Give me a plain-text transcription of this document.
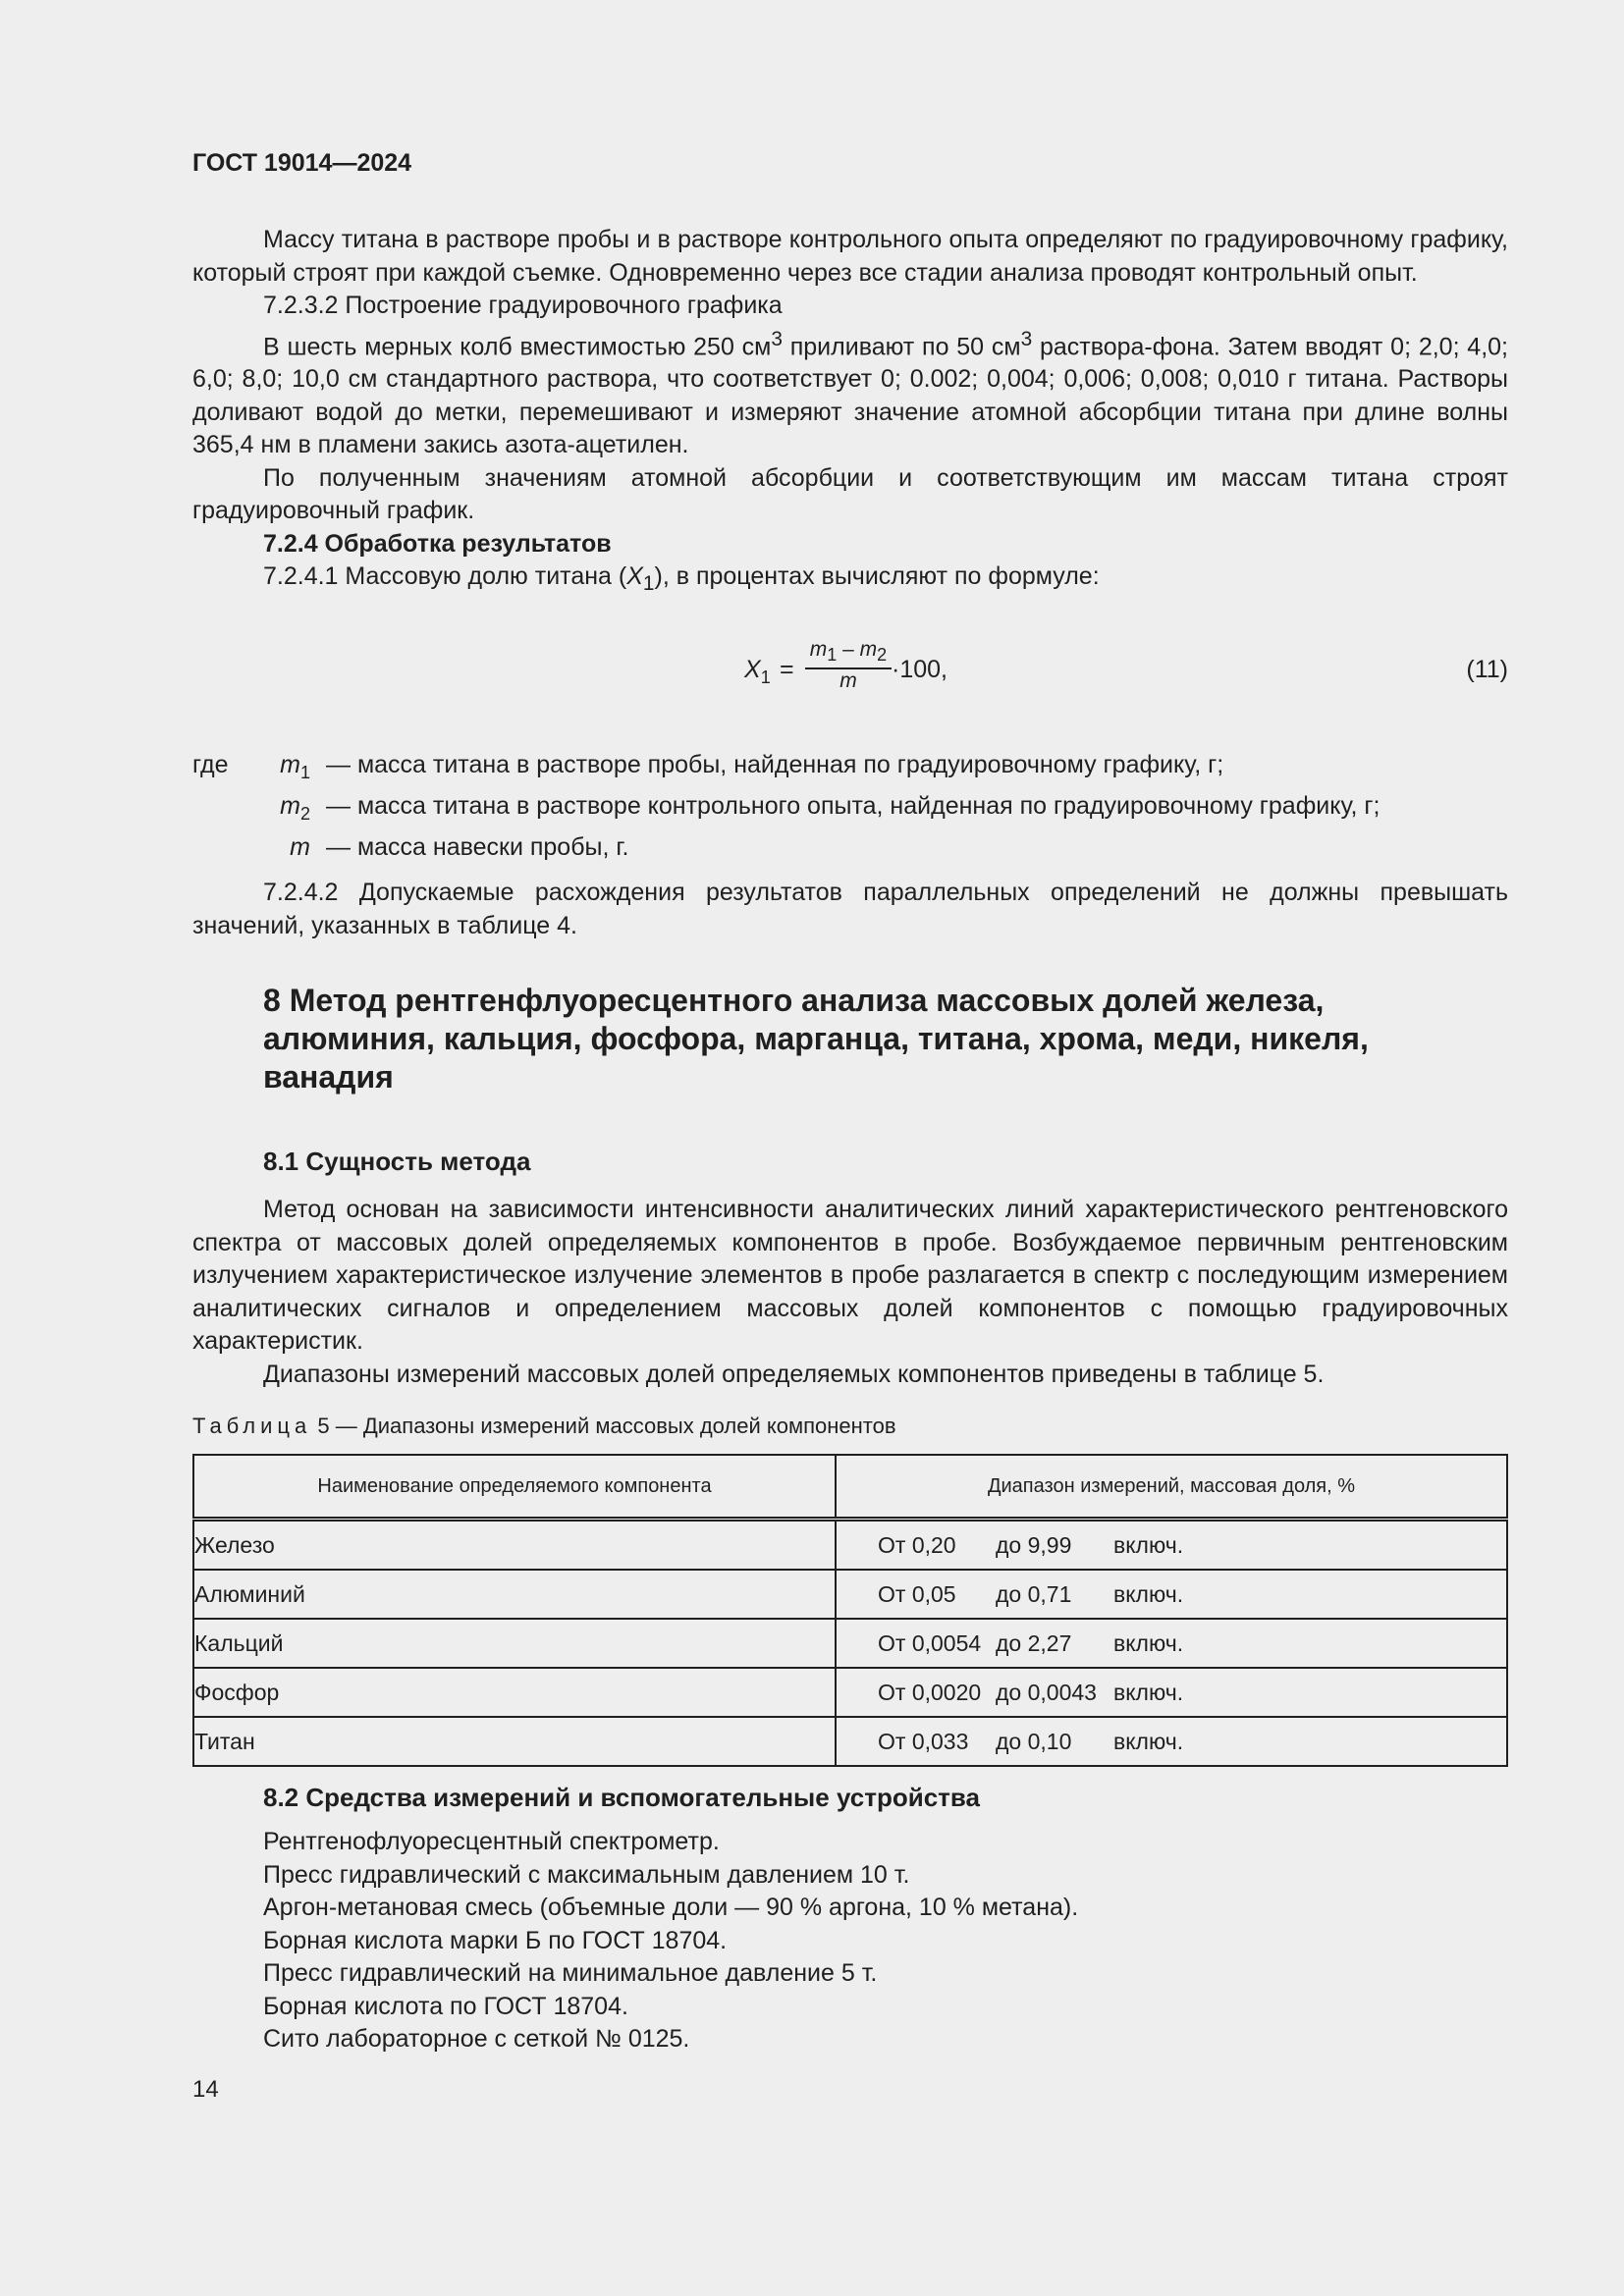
ГОСТ 19014—2024

Массу титана в растворе пробы и в растворе контрольного опыта определяют по градуировочному графику, который строят при каждой съемке. Одновременно через все стадии анализа проводят контрольный опыт.

7.2.3.2 Построение градуировочного графика

В шесть мерных колб вместимостью 250 $см^3$ приливают по 50 $см^3$ раствора-фона. Затем вводят 0; 2,0; 4,0; 6,0; 8,0; 10,0 см стандартного раствора, что соответствует 0; 0.002; 0,004; 0,006; 0,008; 0,010 г титана. Растворы доливают водой до метки, перемешивают и измеряют значение атомной абсорбции титана при длине волны 365,4 нм в пламени закись азота-ацетилен.

По полученным значениям атомной абсорбции и соответствующим им массам титана строят градуировочный график.

7.2.4 Обработка результатов

7.2.4.1 Массовую долю титана $(X_1)$, в процентах вычисляют по формуле:

$X_1 = \frac{m_1 - m_2}{m} \cdot 100$,	(11)
где	$m_1$ — масса титана в растворе пробы, найденная по градуировочному графику, г;
$m_2$ — масса титана в растворе контрольного опыта, найденная по градуировочному графику, г;
m — масса навески пробы, г.

7.2.4.2 Допускаемые расхождения результатов параллельных определений не должны превышать значений, указанных в таблице 4.

8 Метод рентгенфлуоресцентного анализа массовых долей железа, алюминия, кальция, фосфора, марганца, титана, хрома, меди, никеля, ванадия
8.1 Сущность метода

Метод основан на зависимости интенсивности аналитических линий характеристического рентгеновского спектра от массовых долей определяемых компонентов в пробе. Возбуждаемое первичным рентгеновским излучением характеристическое излучение элементов в пробе разлагается в спектр с последующим измерением аналитических сигналов и определением массовых долей компонентов с помощью градуировочных характеристик.

Диапазоны измерений массовых долей определяемых компонентов приведены в таблице 5.

Таблица 5 — Диапазоны измерений массовых долей компонентов
Наименование определяемого компонента	Диапазон измерений, массовая доля, %
Железо	От 0,20 до 9,99 включ.

Алюминий	От 0,05 до 0,71 включ.

Кальций	От 0,0054 до 2,27 включ.

Фосфор	От 0,0020 до 0,0043 включ.

Титан	От 0,033 до 0,10 включ.
8.2 Средства измерений и вспомогательные устройства
Рентгенофлуоресцентный спектрометр.
Пресс гидравлический с максимальным давлением 10 т.
Аргон-метановая смесь (объемные доли — 90 % аргона, 10 % метана).
Борная кислота марки Б по ГОСТ 18704.
Пресс гидравлический на минимальное давление 5 т.
Борная кислота по ГОСТ 18704.
Сито лабораторное с сеткой № 0125.
14
